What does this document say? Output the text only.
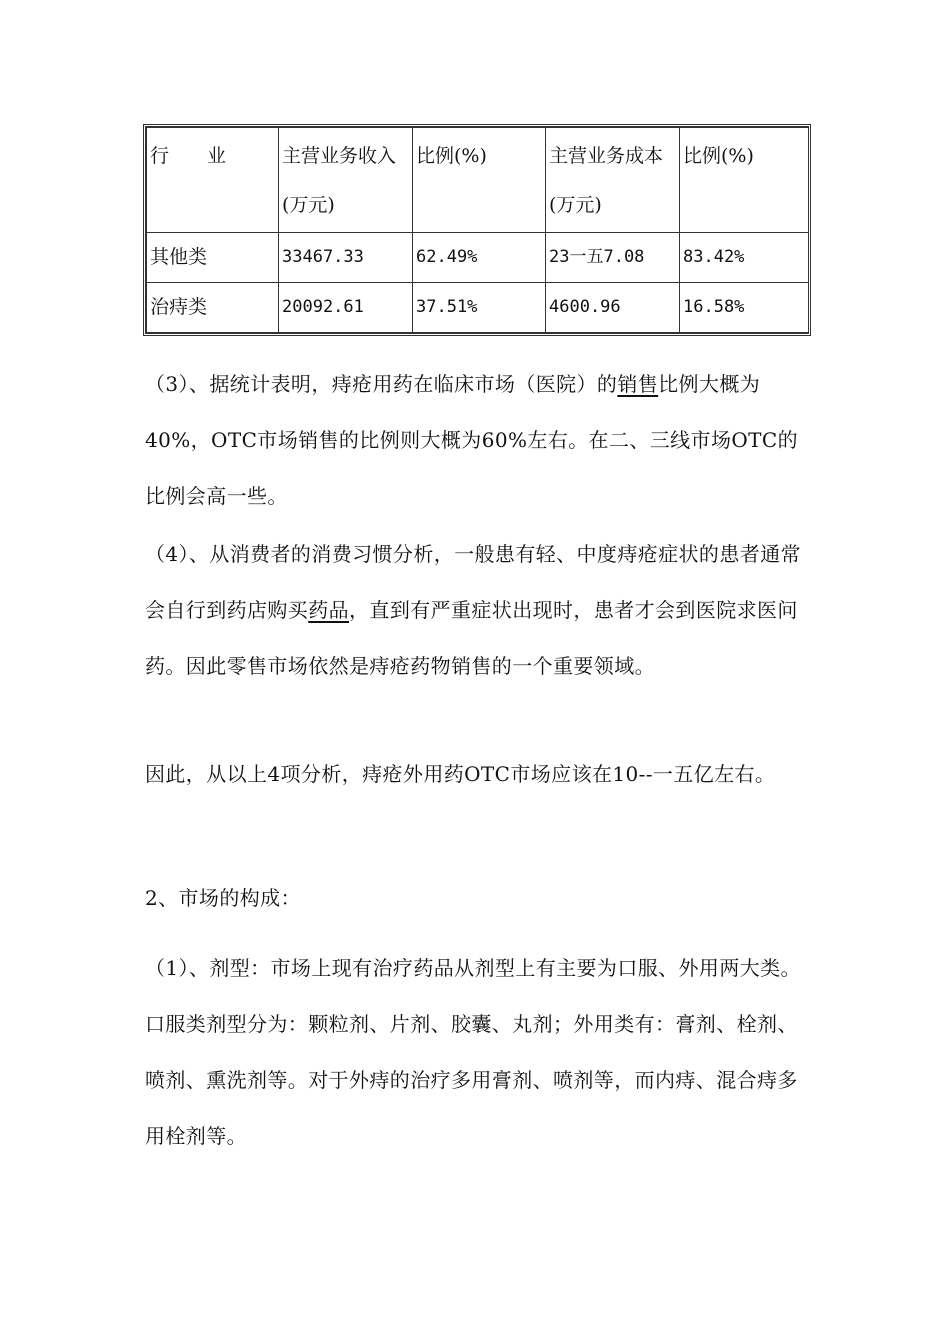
行　　业	主营业务收入(万元)	比例(%)	主营业务成本(万元)	比例(%)
其他类	33467.33	62.49%	23一五7.08	83.42%
治痔类	20092.61	37.51%	4600.96	16.58%

（3）、据统计表明，痔疮用药在临床市场（医院）的销售比例大概为40%，OTC市场销售的比例则大概为60%左右。在二、三线市场OTC的比例会高一些。

（4）、从消费者的消费习惯分析，一般患有轻、中度痔疮症状的患者通常会自行到药店购买药品，直到有严重症状出现时，患者才会到医院求医问药。因此零售市场依然是痔疮药物销售的一个重要领域。

因此，从以上4项分析，痔疮外用药OTC市场应该在10--一五亿左右。

2、市场的构成：

（1）、剂型：市场上现有治疗药品从剂型上有主要为口服、外用两大类。口服类剂型分为：颗粒剂、片剂、胶囊、丸剂；外用类有：膏剂、栓剂、喷剂、熏洗剂等。对于外痔的治疗多用膏剂、喷剂等，而内痔、混合痔多用栓剂等。
